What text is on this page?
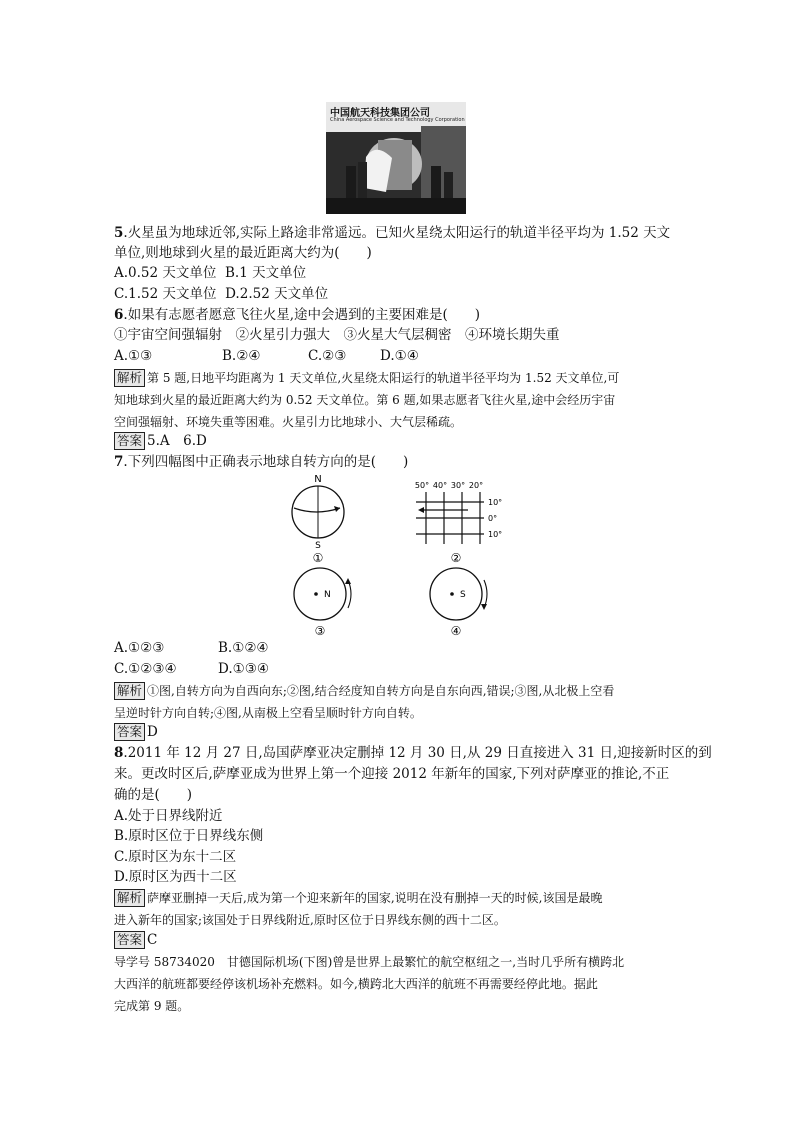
中国航天科技集团公司
China Aerospace Science and Technology Corporation
5.火星虽为地球近邻,实际上路途非常遥远。已知火星绕太阳运行的轨道半径平均为 1.52 天文
单位,则地球到火星的最近距离大约为(　　)
A.0.52 天文单位 B.1 天文单位
C.1.52 天文单位 D.2.52 天文单位
6.如果有志愿者愿意飞往火星,途中会遇到的主要困难是(　　)
①宇宙空间强辐射　②火星引力强大　③火星大气层稠密　④环境长期失重
A.①③	B.②④	C.②③ D.①④
解析 第 5 题,日地平均距离为 1 天文单位,火星绕太阳运行的轨道半径平均为 1.52 天文单位,可
知地球到火星的最近距离大约为 0.52 天文单位。第 6 题,如果志愿者飞往火星,途中会经历宇宙
空间强辐射、环境失重等困难。火星引力比地球小、大气层稀疏。
答案 5.A　6.D
7.下列四幅图中正确表示地球自转方向的是(　　)
N
S
①
50° 40° 30° 20°
10°
0°
10°
②
N
③
S
④
A.①②③	B.①②④
C.①②③④	D.①③④
解析 ①图,自转方向为自西向东;②图,结合经度知自转方向是自东向西,错误;③图,从北极上空看
呈逆时针方向自转;④图,从南极上空看呈顺时针方向自转。
答案 D
8.2011 年 12 月 27 日,岛国萨摩亚决定删掉 12 月 30 日,从 29 日直接进入 31 日,迎接新时区的到
来。更改时区后,萨摩亚成为世界上第一个迎接 2012 年新年的国家,下列对萨摩亚的推论,不正
确的是(　　)
A.处于日界线附近
B.原时区位于日界线东侧
C.原时区为东十二区
D.原时区为西十二区
解析 萨摩亚删掉一天后,成为第一个迎来新年的国家,说明在没有删掉一天的时候,该国是最晚
进入新年的国家;该国处于日界线附近,原时区位于日界线东侧的西十二区。
答案 C
导学号 58734020　甘德国际机场(下图)曾是世界上最繁忙的航空枢纽之一,当时几乎所有横跨北
大西洋的航班都要经停该机场补充燃料。如今,横跨北大西洋的航班不再需要经停此地。据此
完成第 9 题。
